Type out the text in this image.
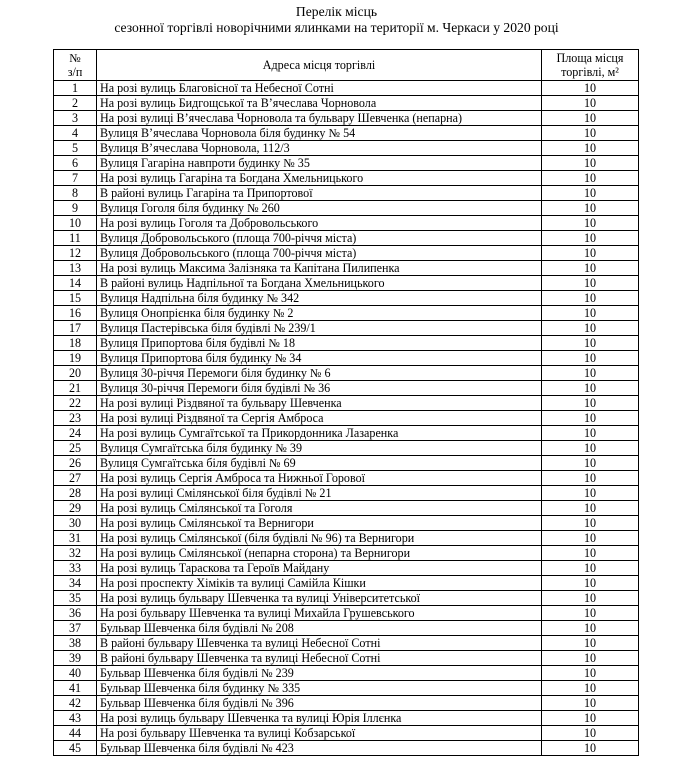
Перелік місць
сезонної торгівлі новорічними ялинками на території м. Черкаси у 2020 році
№
з/п	Адреса місця торгівлі	Площа місця
торгівлі, м²

1	На розі вулиць Благовісної та Небесної Сотні	10
2	На розі вулиць Бидгощської та В’ячеслава Чорновола	10
3	На розі вулиці В’ячеслава Чорновола та бульвару Шевченка (непарна)	10
4	Вулиця В’ячеслава Чорновола біля будинку № 54	10
5	Вулиця В’ячеслава Чорновола, 112/3	10
6	Вулиця Гагаріна навпроти будинку № 35	10
7	На розі вулиць Гагаріна та Богдана Хмельницького	10
8	В районі вулиць Гагаріна та Припортової	10
9	Вулиця Гоголя біля будинку № 260	10
10	На розі вулиць Гоголя та Добровольського	10
11	Вулиця Добровольського (площа 700-річчя міста)	10
12	Вулиця Добровольського (площа 700-річчя міста)	10
13	На розі вулиць Максима Залізняка та Капітана Пилипенка	10
14	В районі вулиць Надпільної та Богдана Хмельницького	10
15	Вулиця Надпільна біля будинку № 342	10
16	Вулиця Онопрієнка біля будинку № 2	10
17	Вулиця Пастерівська біля будівлі № 239/1	10
18	Вулиця Припортова біля будівлі № 18	10
19	Вулиця Припортова біля будинку № 34	10
20	Вулиця 30-річчя Перемоги біля будинку № 6	10
21	Вулиця 30-річчя Перемоги біля будівлі № 36	10
22	На розі вулиці Різдвяної та бульвару Шевченка	10
23	На розі вулиці Різдвяної та Сергія Амброса	10
24	На розі вулиць Сумгаїтської та Прикордонника Лазаренка	10
25	Вулиця Сумгаїтська біля будинку № 39	10
26	Вулиця Сумгаїтська біля будівлі № 69	10
27	На розі вулиць Сергія Амброса та Нижньої Горової	10
28	На розі вулиці Смілянської біля будівлі № 21	10
29	На розі вулиць Смілянської та Гоголя	10
30	На розі вулиць Смілянської та Вернигори	10
31	На розі вулиць Смілянської (біля будівлі № 96) та Вернигори	10
32	На розі вулиць Смілянської (непарна сторона) та Вернигори	10
33	На розі вулиць Тараскова та Героїв Майдану	10
34	На розі проспекту Хіміків та вулиці Самійла Кішки	10
35	На розі вулиць бульвару Шевченка та вулиці Університетської	10
36	На розі бульвару Шевченка та вулиці Михайла Грушевського	10
37	Бульвар Шевченка біля будівлі № 208	10
38	В районі бульвару Шевченка та вулиці Небесної Сотні	10
39	В районі бульвару Шевченка та вулиці Небесної Сотні	10
40	Бульвар Шевченка біля будівлі № 239	10
41	Бульвар Шевченка біля будинку № 335	10
42	Бульвар Шевченка біля будівлі № 396	10
43	На розі вулиць бульвару Шевченка та вулиці Юрія Іллєнка	10
44	На розі бульвару Шевченка та вулиці Кобзарської	10
45	Бульвар Шевченка біля будівлі № 423	10
